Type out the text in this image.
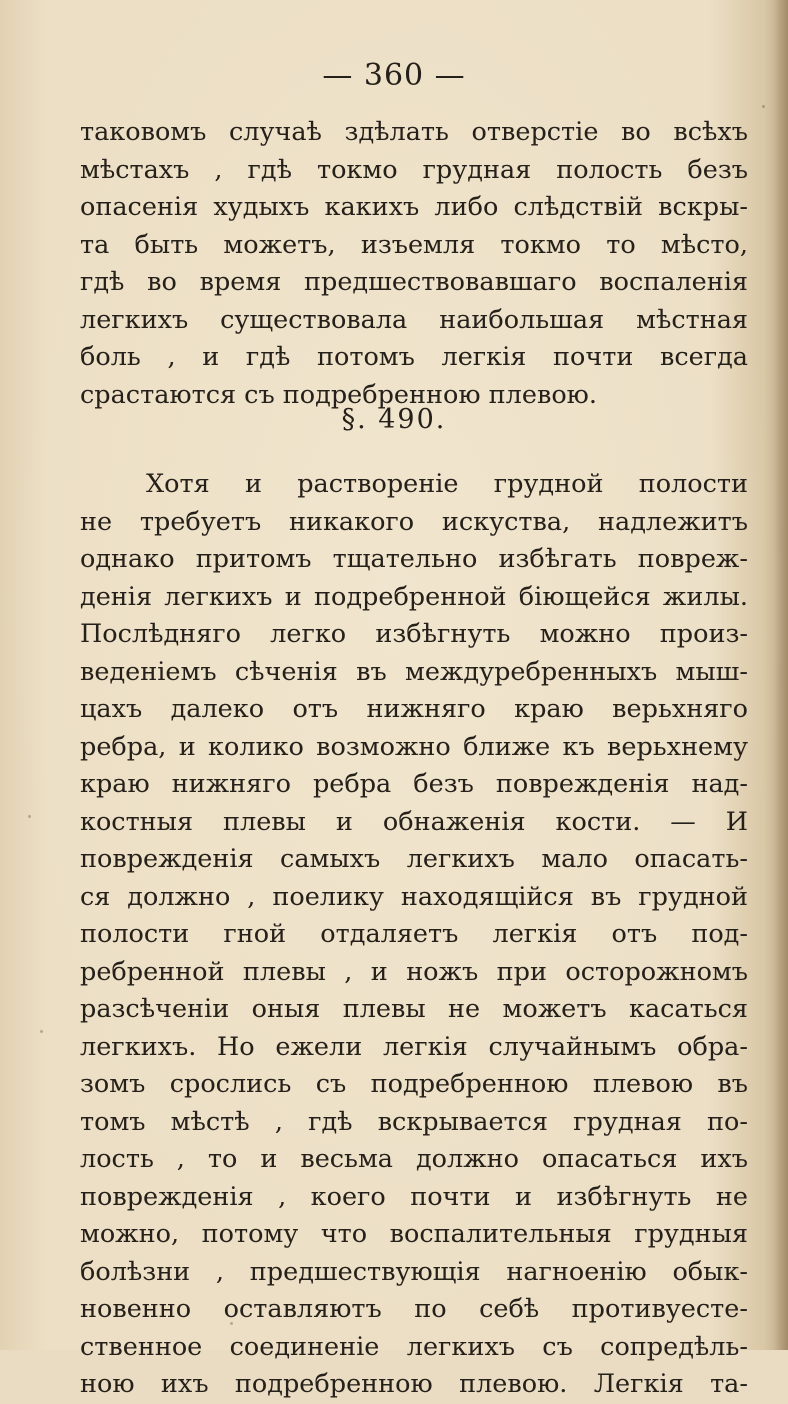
— 360 —
таковомъ случаѣ здѣлать отверстіе во всѣхъ
мѣстахъ , гдѣ токмо грудная полость безъ
опасенія худыхъ какихъ либо слѣдствій вскры-
та быть можетъ, изъемля токмо то мѣсто,
гдѣ во время предшествовавшаго воспаленія
легкихъ существовала наибольшая мѣстная
боль , и гдѣ потомъ легкія почти всегда
срастаются съ подребренною плевою.
§. 490.
Хотя и раствореніе грудной полости
не требуетъ никакого искуства, надлежитъ
однако притомъ тщательно избѣгать повреж-
денія легкихъ и подребренной біющейся жилы.
Послѣдняго легко избѣгнуть можно произ-
веденіемъ сѣченія въ междуребренныхъ мыш-
цахъ далеко отъ нижняго краю верьхняго
ребра, и колико возможно ближе къ верьхнему
краю нижняго ребра безъ поврежденія над-
костныя плевы и обнаженія кости. — И
поврежденія самыхъ легкихъ мало опасать-
ся должно , поелику находящійся въ грудной
полости гной отдаляетъ легкія отъ под-
ребренной плевы , и ножъ при осторожномъ
разсѣченіи оныя плевы не можетъ касаться
легкихъ. Но ежели легкія случайнымъ обра-
зомъ срослись съ подребренною плевою въ
томъ мѣстѣ , гдѣ вскрывается грудная по-
лость , то и весьма должно опасаться ихъ
поврежденія , коего почти и избѣгнуть не
можно, потому что воспалительныя грудныя
болѣзни , предшествующія нагноенію обык-
новенно оставляютъ по себѣ противуесте-
ственное соединеніе легкихъ съ сопредѣль-
ною ихъ подребренною плевою. Легкія та-
